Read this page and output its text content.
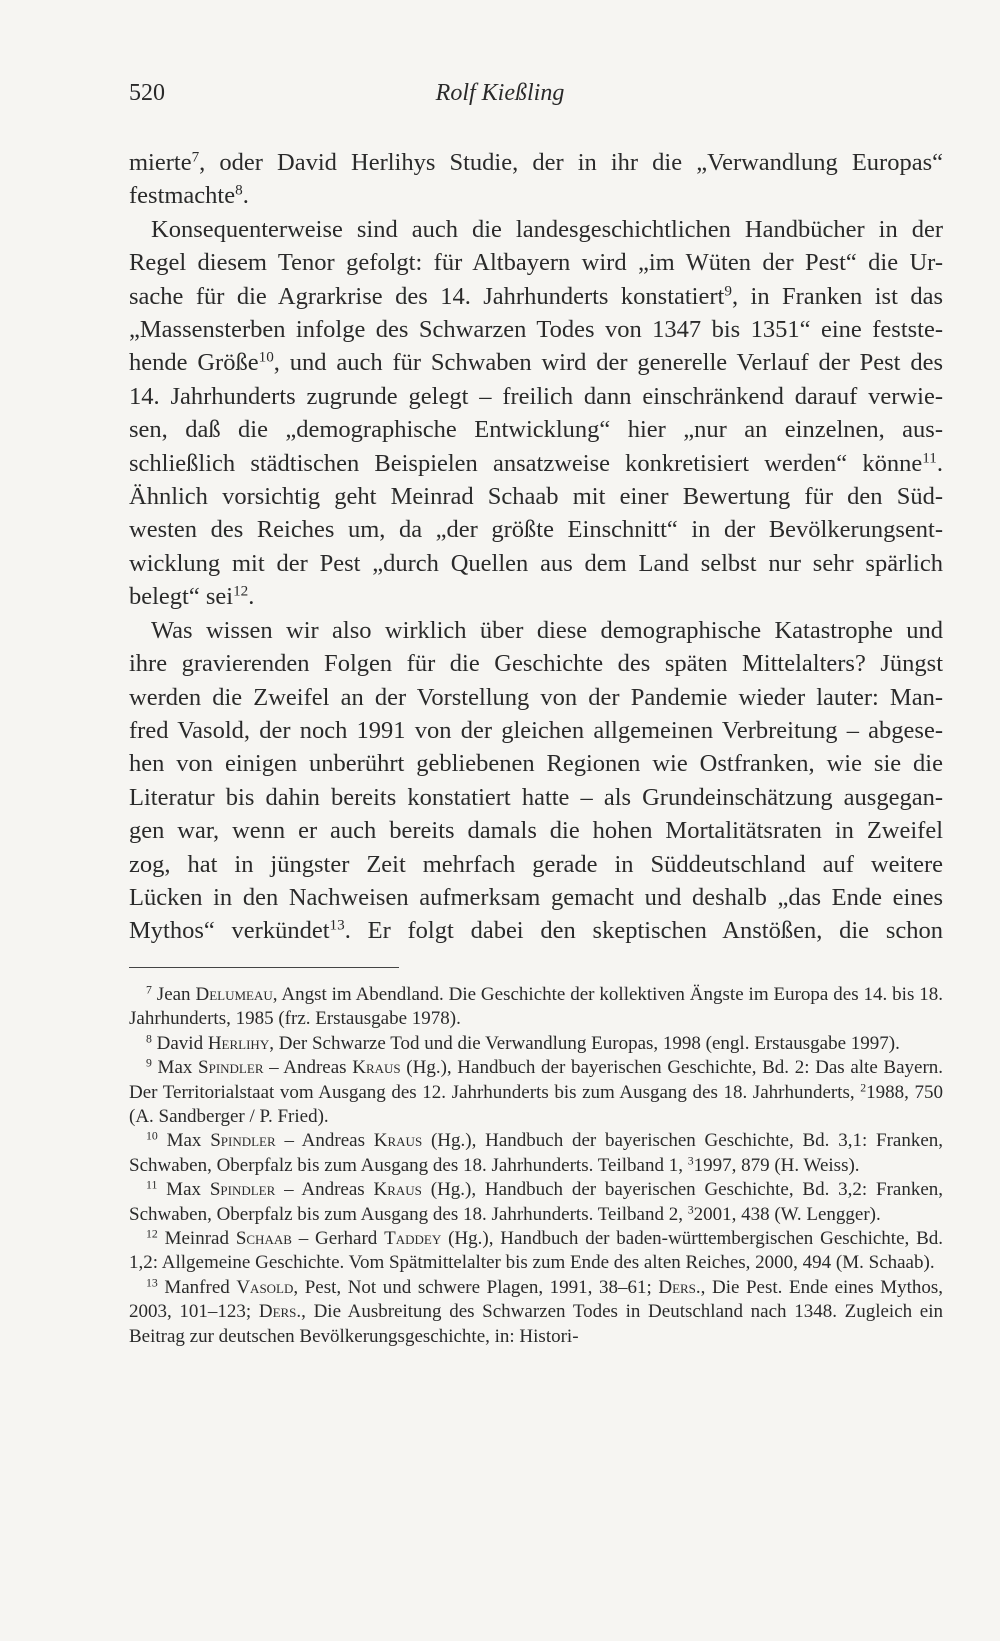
520	Rolf Kießling
mierte$^7$, oder David Herlihys Studie, der in ihr die „Verwandlung Europas“
festmachte$^8$.
Konsequenterweise sind auch die landesgeschichtlichen Handbücher in der
Regel diesem Tenor gefolgt: für Altbayern wird „im Wüten der Pest“ die Ur-
sache für die Agrarkrise des 14. Jahrhunderts konstatiert$^9$, in Franken ist das
„Massensterben infolge des Schwarzen Todes von 1347 bis 1351“ eine festste-
hende Größe$^{10}$, und auch für Schwaben wird der generelle Verlauf der Pest des
14. Jahrhunderts zugrunde gelegt – freilich dann einschränkend darauf verwie-
sen, daß die „demographische Entwicklung“ hier „nur an einzelnen, aus-
schließlich städtischen Beispielen ansatzweise konkretisiert werden“ könne$^{11}$.
Ähnlich vorsichtig geht Meinrad Schaab mit einer Bewertung für den Süd-
westen des Reiches um, da „der größte Einschnitt“ in der Bevölkerungsent-
wicklung mit der Pest „durch Quellen aus dem Land selbst nur sehr spärlich
belegt“ sei$^{12}$.
Was wissen wir also wirklich über diese demographische Katastrophe und
ihre gravierenden Folgen für die Geschichte des späten Mittelalters? Jüngst
werden die Zweifel an der Vorstellung von der Pandemie wieder lauter: Man-
fred Vasold, der noch 1991 von der gleichen allgemeinen Verbreitung – abgese-
hen von einigen unberührt gebliebenen Regionen wie Ostfranken, wie sie die
Literatur bis dahin bereits konstatiert hatte – als Grundeinschätzung ausgegan-
gen war, wenn er auch bereits damals die hohen Mortalitätsraten in Zweifel
zog, hat in jüngster Zeit mehrfach gerade in Süddeutschland auf weitere
Lücken in den Nachweisen aufmerksam gemacht und deshalb „das Ende eines
Mythos“ verkündet$^{13}$. Er folgt dabei den skeptischen Anstößen, die schon

$^7$ Jean Delumeau, Angst im Abendland. Die Geschichte der kollektiven Ängste im Europa des 14. bis 18. Jahrhunderts, 1985 (frz. Erstausgabe 1978).

$^8$ David Herlihy, Der Schwarze Tod und die Verwandlung Europas, 1998 (engl. Erstausgabe 1997).

$^9$ Max Spindler – Andreas Kraus (Hg.), Handbuch der bayerischen Geschichte, Bd. 2: Das alte Bayern. Der Territorialstaat vom Ausgang des 12. Jahrhunderts bis zum Ausgang des 18. Jahrhunderts, $^2$1988, 750 (A. Sandberger / P. Fried).

$^{10}$ Max Spindler – Andreas Kraus (Hg.), Handbuch der bayerischen Geschichte, Bd. 3,1: Franken, Schwaben, Oberpfalz bis zum Ausgang des 18. Jahrhunderts. Teilband 1, $^3$1997, 879 (H. Weiss).

$^{11}$ Max Spindler – Andreas Kraus (Hg.), Handbuch der bayerischen Geschichte, Bd. 3,2: Franken, Schwaben, Oberpfalz bis zum Ausgang des 18. Jahrhunderts. Teilband 2, $^3$2001, 438 (W. Lengger).

$^{12}$ Meinrad Schaab – Gerhard Taddey (Hg.), Handbuch der baden-württembergischen Geschichte, Bd. 1,2: Allgemeine Geschichte. Vom Spätmittelalter bis zum Ende des alten Reiches, 2000, 494 (M. Schaab).

$^{13}$ Manfred Vasold, Pest, Not und schwere Plagen, 1991, 38–61; Ders., Die Pest. Ende eines Mythos, 2003, 101–123; Ders., Die Ausbreitung des Schwarzen Todes in Deutschland nach 1348. Zugleich ein Beitrag zur deutschen Bevölkerungsgeschichte, in: Histori-
